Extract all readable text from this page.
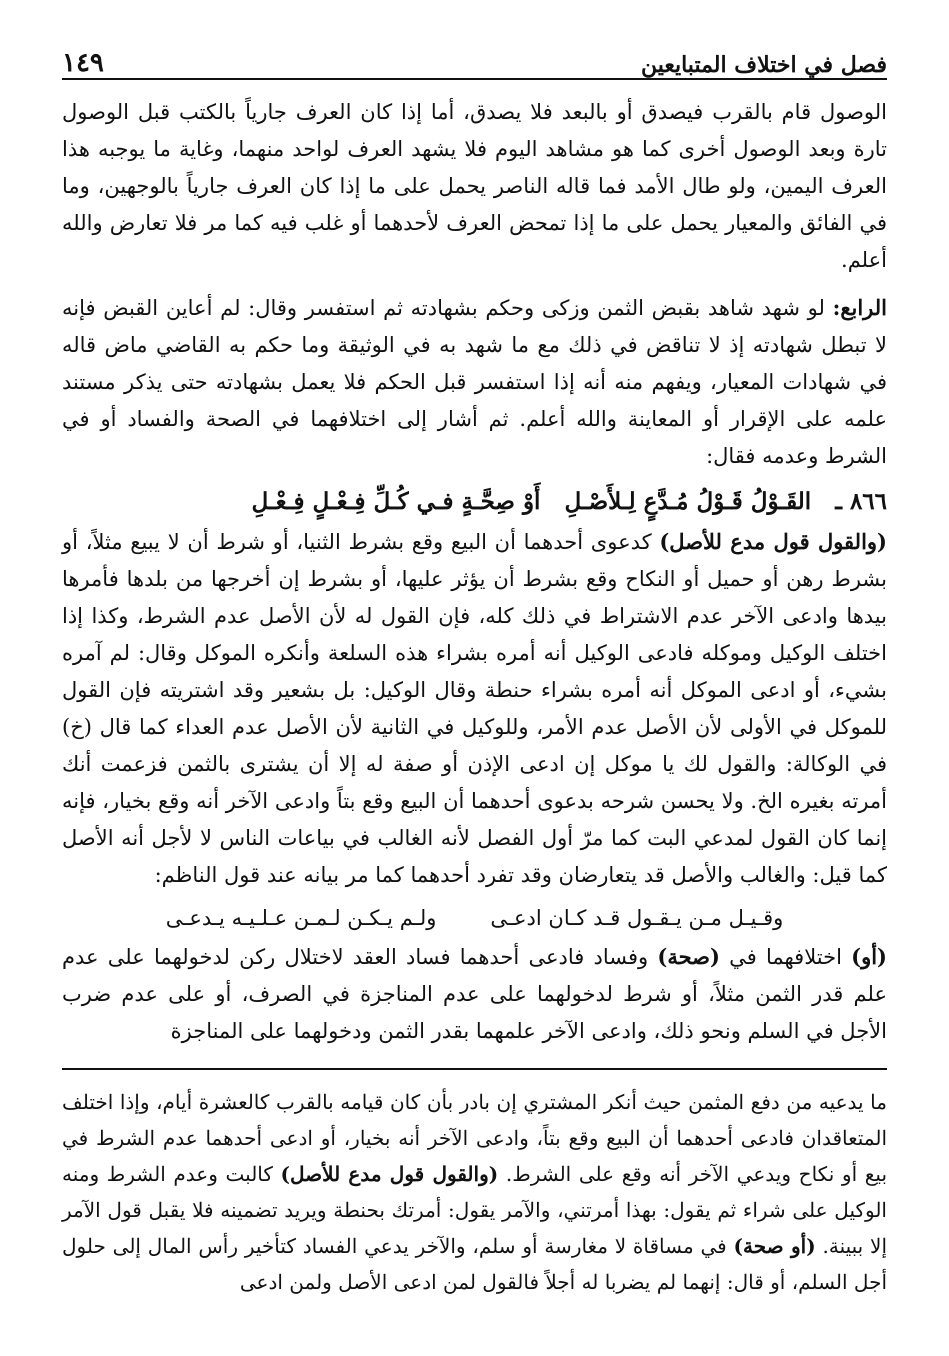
فصل في اختلاف المتبايعين
١٤٩

الوصول قام بالقرب فيصدق أو بالبعد فلا يصدق، أما إذا كان العرف جارياً بالكتب قبل الوصول تارة وبعد الوصول أخرى كما هو مشاهد اليوم فلا يشهد العرف لواحد منهما، وغاية ما يوجبه هذا العرف اليمين، ولو طال الأمد فما قاله الناصر يحمل على ما إذا كان العرف جارياً بالوجهين، وما في الفائق والمعيار يحمل على ما إذا تمحض العرف لأحدهما أو غلب فيه كما مر فلا تعارض والله أعلم.

الرابع: لو شهد شاهد بقبض الثمن وزكى وحكم بشهادته ثم استفسر وقال: لم أعاين القبض فإنه لا تبطل شهادته إذ لا تناقض في ذلك مع ما شهد به في الوثيقة وما حكم به القاضي ماض قاله في شهادات المعيار، ويفهم منه أنه إذا استفسر قبل الحكم فلا يعمل بشهادته حتى يذكر مستند علمه على الإقرار أو المعاينة والله أعلم. ثم أشار إلى اختلافهما في الصحة والفساد أو في الشرط وعدمه فقال:

٨٦٦ ـ
القَـوْلُ قَـوْلُ مُـدَّعٍ لِـلأَصْـلِ
أَوْ صِحَّـةٍ فـي كُـلِّ فِـعْـلٍ فِـعْـلِ

(والقول قول مدع للأصل) كدعوى أحدهما أن البيع وقع بشرط الثنيا، أو شرط أن لا يبيع مثلاً، أو بشرط رهن أو حميل أو النكاح وقع بشرط أن يؤثر عليها، أو بشرط إن أخرجها من بلدها فأمرها بيدها وادعى الآخر عدم الاشتراط في ذلك كله، فإن القول له لأن الأصل عدم الشرط، وكذا إذا اختلف الوكيل وموكله فادعى الوكيل أنه أمره بشراء هذه السلعة وأنكره الموكل وقال: لم آمره بشيء، أو ادعى الموكل أنه أمره بشراء حنطة وقال الوكيل: بل بشعير وقد اشتريته فإن القول للموكل في الأولى لأن الأصل عدم الأمر، وللوكيل في الثانية لأن الأصل عدم العداء كما قال (خ) في الوكالة: والقول لك يا موكل إن ادعى الإذن أو صفة له إلا أن يشترى بالثمن فزعمت أنك أمرته بغيره الخ. ولا يحسن شرحه بدعوى أحدهما أن البيع وقع بتاً وادعى الآخر أنه وقع بخيار، فإنه إنما كان القول لمدعي البت كما مرّ أول الفصل لأنه الغالب في بياعات الناس لا لأجل أنه الأصل كما قيل: والغالب والأصل قد يتعارضان وقد تفرد أحدهما كما مر بيانه عند قول الناظم:

وقـيـل مـن يـقـول قـد كـان ادعـى
ولـم يـكـن لـمـن عـلـيـه يـدعـى

(أو) اختلافهما في (صحة) وفساد فادعى أحدهما فساد العقد لاختلال ركن لدخولهما على عدم علم قدر الثمن مثلاً، أو شرط لدخولهما على عدم المناجزة في الصرف، أو على عدم ضرب الأجل في السلم ونحو ذلك، وادعى الآخر علمهما بقدر الثمن ودخولهما على المناجزة

ما يدعيه من دفع المثمن حيث أنكر المشتري إن بادر بأن كان قيامه بالقرب كالعشرة أيام، وإذا اختلف المتعاقدان فادعى أحدهما أن البيع وقع بتاً، وادعى الآخر أنه بخيار، أو ادعى أحدهما عدم الشرط في بيع أو نكاح ويدعي الآخر أنه وقع على الشرط. (والقول قول مدع للأصل) كالبت وعدم الشرط ومنه الوكيل على شراء ثم يقول: بهذا أمرتني، والآمر يقول: أمرتك بحنطة ويريد تضمينه فلا يقبل قول الآمر إلا ببينة. (أو صحة) في مساقاة لا مغارسة أو سلم، والآخر يدعي الفساد كتأخير رأس المال إلى حلول أجل السلم، أو قال: إنهما لم يضربا له أجلاً فالقول لمن ادعى الأصل ولمن ادعى
